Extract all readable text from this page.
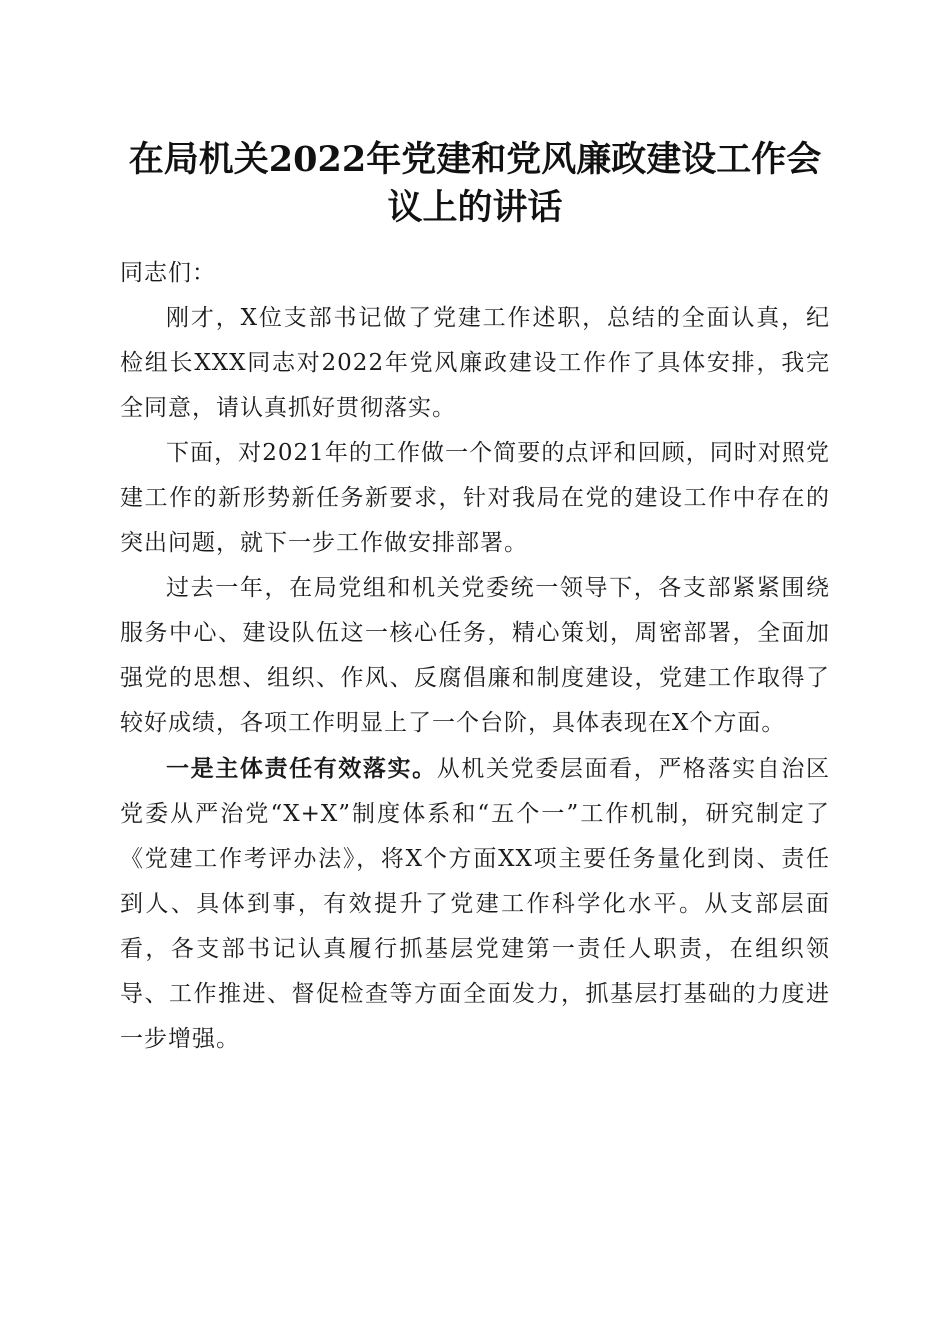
在局机关2022年党建和党风廉政建设工作会
议上的讲话

同志们：

刚才，X位支部书记做了党建工作述职，总结的全面认真，纪检组长XXX同志对2022年党风廉政建设工作作了具体安排，我完全同意，请认真抓好贯彻落实。

下面，对2021年的工作做一个简要的点评和回顾，同时对照党建工作的新形势新任务新要求，针对我局在党的建设工作中存在的突出问题，就下一步工作做安排部署。

过去一年，在局党组和机关党委统一领导下，各支部紧紧围绕服务中心、建设队伍这一核心任务，精心策划，周密部署，全面加强党的思想、组织、作风、反腐倡廉和制度建设，党建工作取得了较好成绩，各项工作明显上了一个台阶，具体表现在X个方面。

一是主体责任有效落实。从机关党委层面看，严格落实自治区党委从严治党“X+X”制度体系和“五个一”工作机制，研究制定了《党建工作考评办法》，将X个方面XX项主要任务量化到岗、责任到人、具体到事，有效提升了党建工作科学化水平。从支部层面看，各支部书记认真履行抓基层党建第一责任人职责，在组织领导、工作推进、督促检查等方面全面发力，抓基层打基础的力度进一步增强。
